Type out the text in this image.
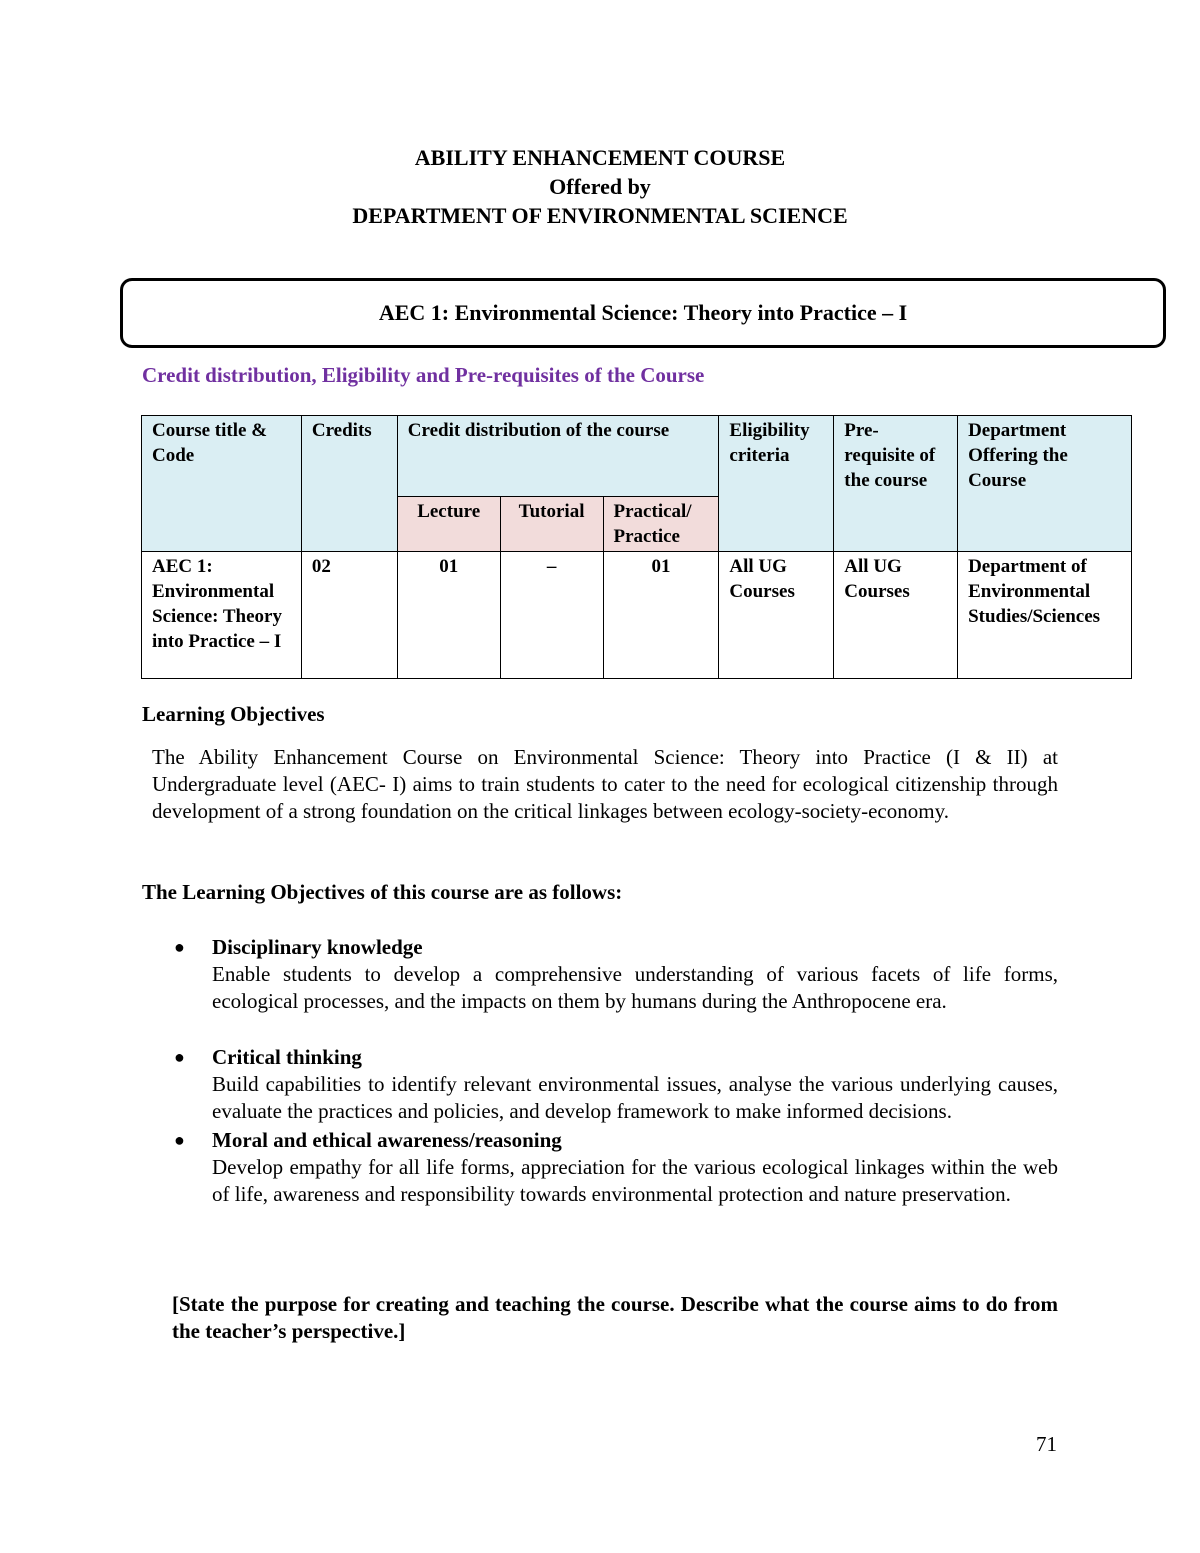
ABILITY ENHANCEMENT COURSE
Offered by
DEPARTMENT OF ENVIRONMENTAL SCIENCE
AEC 1: Environmental Science: Theory into Practice – I
Credit distribution, Eligibility and Pre-requisites of the Course
Course title & Code	Credits	Credit distribution of the course			Eligibility criteria	Pre-requisite of the course	Department Offering the Course
		Lecture	Tutorial	Practical/ Practice			
AEC 1: Environmental Science: Theory into Practice – I	02	01	–	01	All UG Courses	All UG Courses	Department of Environmental Studies/Sciences
Learning Objectives
The Ability Enhancement Course on Environmental Science: Theory into Practice (I & II) at Undergraduate level (AEC- I) aims to train students to cater to the need for ecological citizenship through development of a strong foundation on the critical linkages between ecology-society-economy.
The Learning Objectives of this course are as follows:
● Disciplinary knowledge
Enable students to develop a comprehensive understanding of various facets of life forms, ecological processes, and the impacts on them by humans during the Anthropocene era.
● Critical thinking
Build capabilities to identify relevant environmental issues, analyse the various underlying causes, evaluate the practices and policies, and develop framework to make informed decisions.
● Moral and ethical awareness/reasoning
Develop empathy for all life forms, appreciation for the various ecological linkages within the web of life, awareness and responsibility towards environmental protection and nature preservation.
[State the purpose for creating and teaching the course. Describe what the course aims to do from the teacher’s perspective.]
71
